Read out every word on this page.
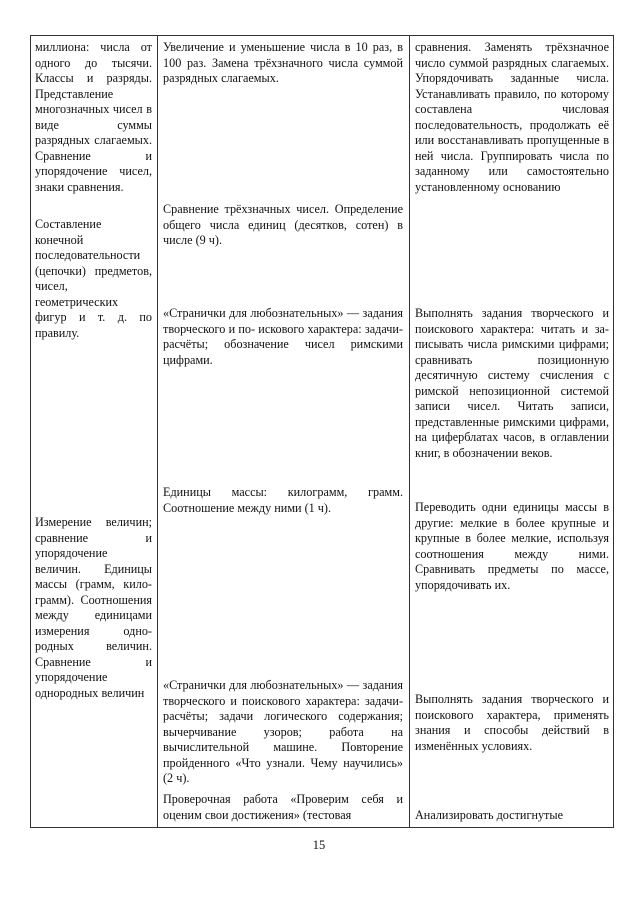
миллиона: числа от одного до тысячи. Классы и разряды. Представление многозначных чисел в виде суммы разрядных слагаемых. Сравнение и упорядочение чисел, знаки сравнения.

Составление конечной последовательности (цепочки) предметов, чисел, геометрических фигур и т. д. по правилу.

Измерение величин; сравнение и упорядочение величин. Единицы массы (грамм, кило-грамм). Соотношения между единицами измерения одно-родных величин. Сравнение и упорядочение однородных величин

Увеличение и уменьшение числа в 10 раз, в 100 раз. Замена трёхзначного числа суммой разрядных слагаемых.

Сравнение трёхзначных чисел. Определение общего числа единиц (десятков, сотен) в числе (9 ч).

«Странички для любознательных» — задания творческого и по- искового характера: задачи-расчёты; обозначение чисел римскими цифрами.

Единицы массы: килограмм, грамм. Соотношение между ними (1 ч).

«Странички для любознательных» — задания творческого и поискового характера: задачи-расчёты; задачи логического содержания; вычерчивание узоров; работа на вычислительной машине. Повторение пройденного «Что узнали. Чему научились» (2 ч).

Проверочная работа «Проверим себя и оценим свои достижения» (тестовая

сравнения. Заменять трёхзначное число суммой разрядных слагаемых. Упорядочивать заданные числа. Устанавливать правило, по которому составлена числовая последовательность, продолжать её или восстанавливать пропущенные в ней числа. Группировать числа по заданному или самостоятельно установленному основанию

Выполнять задания творческого и поискового характера: читать и за- писывать числа римскими цифрами; сравнивать позиционную десятичную систему счисления с римской непозиционной системой записи чисел. Читать записи, представленные римскими цифрами, на циферблатах часов, в оглавлении книг, в обозначении веков.

Переводить одни единицы массы в другие: мелкие в более крупные и крупные в более мелкие, используя соотношения между ними. Сравнивать предметы по массе, упорядочивать их.

Выполнять задания творческого и поискового характера, применять знания и способы действий в изменённых условиях.

Анализировать достигнутые

15
